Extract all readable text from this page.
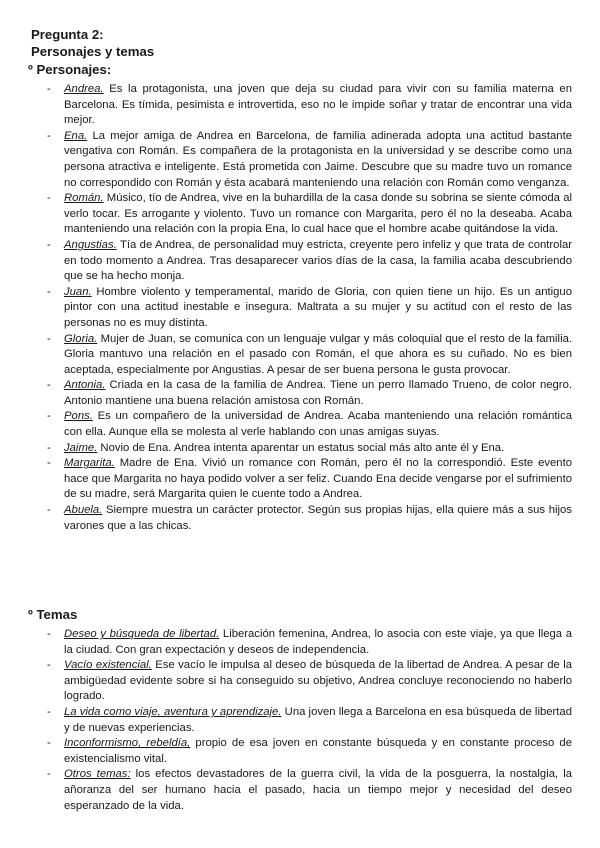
Pregunta 2:
Personajes y temas
º Personajes:
- Andrea. Es la protagonista, una joven que deja su ciudad para vivir con su familia materna en Barcelona. Es tímida, pesimista e introvertida, eso no le impide soñar y tratar de encontrar una vida mejor.
- Ena. La mejor amiga de Andrea en Barcelona, de familia adinerada adopta una actitud bastante vengativa con Román. Es compañera de la protagonista en la universidad y se describe como una persona atractiva e inteligente. Está prometida con Jaime. Descubre que su madre tuvo un romance no correspondido con Román y ésta acabará manteniendo una relación con Román como venganza.
- Román. Músico, tío de Andrea, vive en la buhardilla de la casa donde su sobrina se siente cómoda al verlo tocar. Es arrogante y violento. Tuvo un romance con Margarita, pero él no la deseaba. Acaba manteniendo una relación con la propia Ena, lo cual hace que el hombre acabe quitándose la vida.
- Angustias. Tía de Andrea, de personalidad muy estricta, creyente pero infeliz y que trata de controlar en todo momento a Andrea. Tras desaparecer varios días de la casa, la familia acaba descubriendo que se ha hecho monja.
- Juan. Hombre violento y temperamental, marido de Gloria, con quien tiene un hijo. Es un antiguo pintor con una actitud inestable e insegura. Maltrata a su mujer y su actitud con el resto de las personas no es muy distinta.
- Gloria. Mujer de Juan, se comunica con un lenguaje vulgar y más coloquial que el resto de la familia. Gloria mantuvo una relación en el pasado con Román, el que ahora es su cuñado. No es bien aceptada, especialmente por Angustias. A pesar de ser buena persona le gusta provocar.
- Antonia. Criada en la casa de la familia de Andrea. Tiene un perro llamado Trueno, de color negro. Antonio mantiene una buena relación amistosa con Román.
- Pons. Es un compañero de la universidad de Andrea. Acaba manteniendo una relación romántica con ella. Aunque ella se molesta al verle hablando con unas amigas suyas.
- Jaime. Novio de Ena. Andrea intenta aparentar un estatus social más alto ante él y Ena.
- Margarita. Madre de Ena. Vivió un romance con Román, pero él no la correspondió. Este evento hace que Margarita no haya podido volver a ser feliz. Cuando Ena decide vengarse por el sufrimiento de su madre, será Margarita quien le cuente todo a Andrea.
- Abuela. Siempre muestra un carácter protector. Según sus propias hijas, ella quiere más a sus hijos varones que a las chicas.
º Temas
- Deseo y búsqueda de libertad. Liberación femenina, Andrea, lo asocia con este viaje, ya que llega a la ciudad. Con gran expectación y deseos de independencia.
- Vacío existencial. Ese vacío le impulsa al deseo de búsqueda de la libertad de Andrea. A pesar de la ambigüedad evidente sobre si ha conseguido su objetivo, Andrea concluye reconociendo no haberlo logrado.
- La vida como viaje, aventura y aprendizaje. Una joven llega a Barcelona en esa búsqueda de libertad y de nuevas experiencias.
- Inconformismo, rebeldía, propio de esa joven en constante búsqueda y en constante proceso de existencialismo vital.
- Otros temas: los efectos devastadores de la guerra civil, la vida de la posguerra, la nostalgia, la añoranza del ser humano hacia el pasado, hacia un tiempo mejor y necesidad del deseo esperanzado de la vida.
